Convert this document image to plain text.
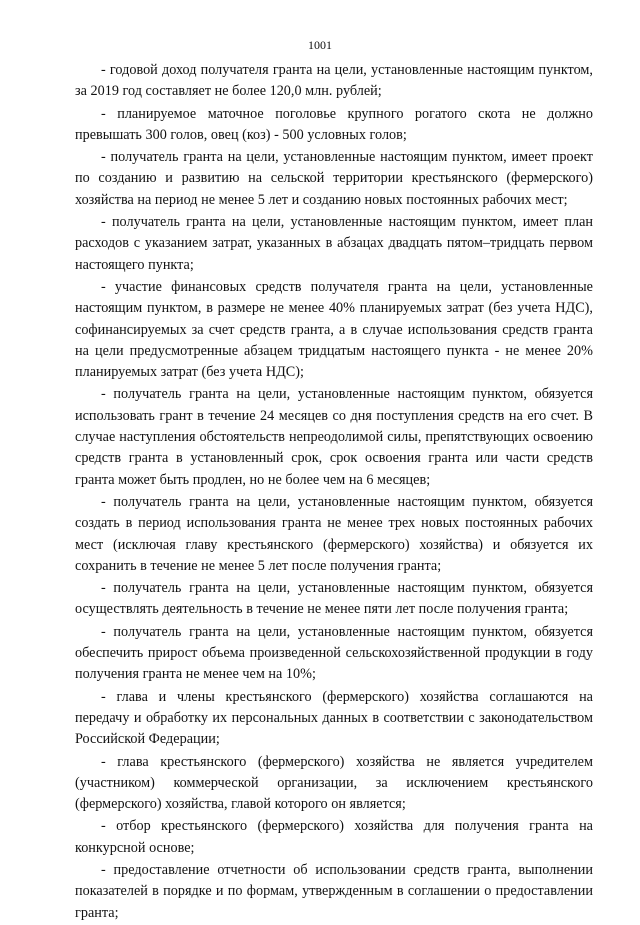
1001

- годовой доход получателя гранта на цели, установленные настоящим пунктом, за 2019 год составляет не более 120,0 млн. рублей;

- планируемое маточное поголовье крупного рогатого скота не должно превышать 300 голов, овец (коз) - 500 условных голов;

- получатель гранта на цели, установленные настоящим пунктом, имеет проект по созданию и развитию на сельской территории крестьянского (фермерского) хозяйства на период не менее 5 лет и созданию новых постоянных рабочих мест;

- получатель гранта на цели, установленные настоящим пунктом, имеет план расходов с указанием затрат, указанных в абзацах двадцать пятом–тридцать первом настоящего пункта;

- участие финансовых средств получателя гранта на цели, установленные настоящим пунктом, в размере не менее 40% планируемых затрат (без учета НДС), софинансируемых за счет средств гранта, а в случае использования средств гранта на цели предусмотренные абзацем тридцатым настоящего пункта - не менее 20% планируемых затрат (без учета НДС);

- получатель гранта на цели, установленные настоящим пунктом, обязуется использовать грант в течение 24 месяцев со дня поступления средств на его счет. В случае наступления обстоятельств непреодолимой силы, препятствующих освоению средств гранта в установленный срок, срок освоения гранта или части средств гранта может быть продлен, но не более чем на 6 месяцев;

- получатель гранта на цели, установленные настоящим пунктом, обязуется создать в период использования гранта не менее трех новых постоянных рабочих мест (исключая главу крестьянского (фермерского) хозяйства) и обязуется их сохранить в течение не менее 5 лет после получения гранта;

- получатель гранта на цели, установленные настоящим пунктом, обязуется осуществлять деятельность в течение не менее пяти лет после получения гранта;

- получатель гранта на цели, установленные настоящим пунктом, обязуется обеспечить прирост объема произведенной сельскохозяйственной продукции в году получения гранта не менее чем на 10%;

- глава и члены крестьянского (фермерского) хозяйства соглашаются на передачу и обработку их персональных данных в соответствии с законодательством Российской Федерации;

- глава крестьянского (фермерского) хозяйства не является учредителем (участником) коммерческой организации, за исключением крестьянского (фермерского) хозяйства, главой которого он является;

- отбор крестьянского (фермерского) хозяйства для получения гранта на конкурсной основе;

- предоставление отчетности об использовании средств гранта, выполнении показателей в порядке и по формам, утвержденным в соглашении о предоставлении гранта;
